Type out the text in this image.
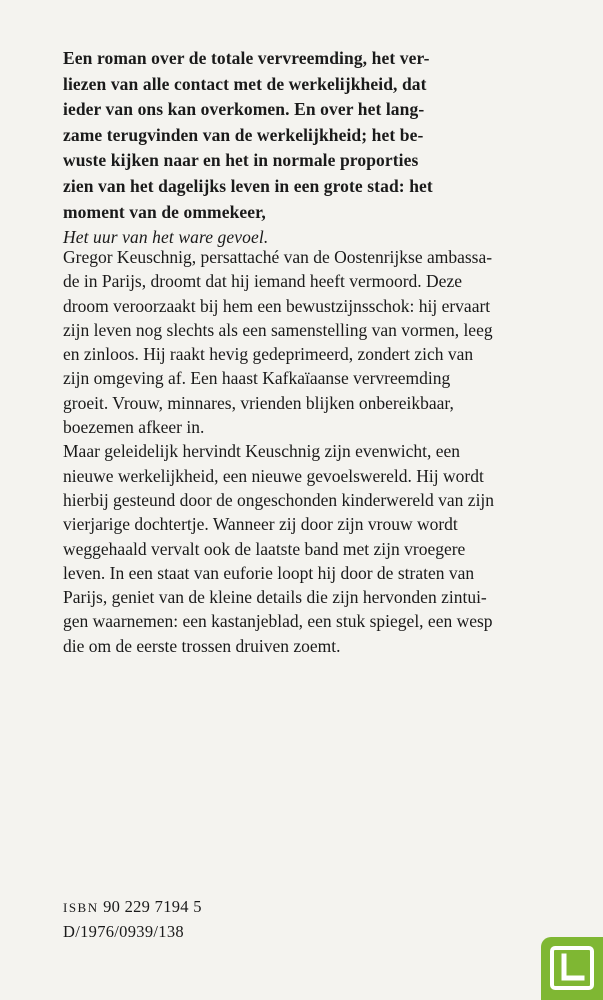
Een roman over de totale vervreemding, het ver-
liezen van alle contact met de werkelijkheid, dat
ieder van ons kan overkomen. En over het lang-
zame terugvinden van de werkelijkheid; het be-
wuste kijken naar en het in normale proporties
zien van het dagelijks leven in een grote stad: het
moment van de ommekeer,
Het uur van het ware gevoel.
Gregor Keuschnig, persattaché van de Oostenrijkse ambassa-
de in Parijs, droomt dat hij iemand heeft vermoord. Deze
droom veroorzaakt bij hem een bewustzijnsschok: hij ervaart
zijn leven nog slechts als een samenstelling van vormen, leeg
en zinloos. Hij raakt hevig gedeprimeerd, zondert zich van
zijn omgeving af. Een haast Kafkaïaanse vervreemding
groeit. Vrouw, minnares, vrienden blijken onbereikbaar,
boezemen afkeer in.
Maar geleidelijk hervindt Keuschnig zijn evenwicht, een
nieuwe werkelijkheid, een nieuwe gevoelswereld. Hij wordt
hierbij gesteund door de ongeschonden kinderwereld van zijn
vierjarige dochtertje. Wanneer zij door zijn vrouw wordt
weggehaald vervalt ook de laatste band met zijn vroegere
leven. In een staat van euforie loopt hij door de straten van
Parijs, geniet van de kleine details die zijn hervonden zintui-
gen waarnemen: een kastanjeblad, een stuk spiegel, een wesp
die om de eerste trossen druiven zoemt.
ISBN 90 229 7194 5
D/1976/0939/138
